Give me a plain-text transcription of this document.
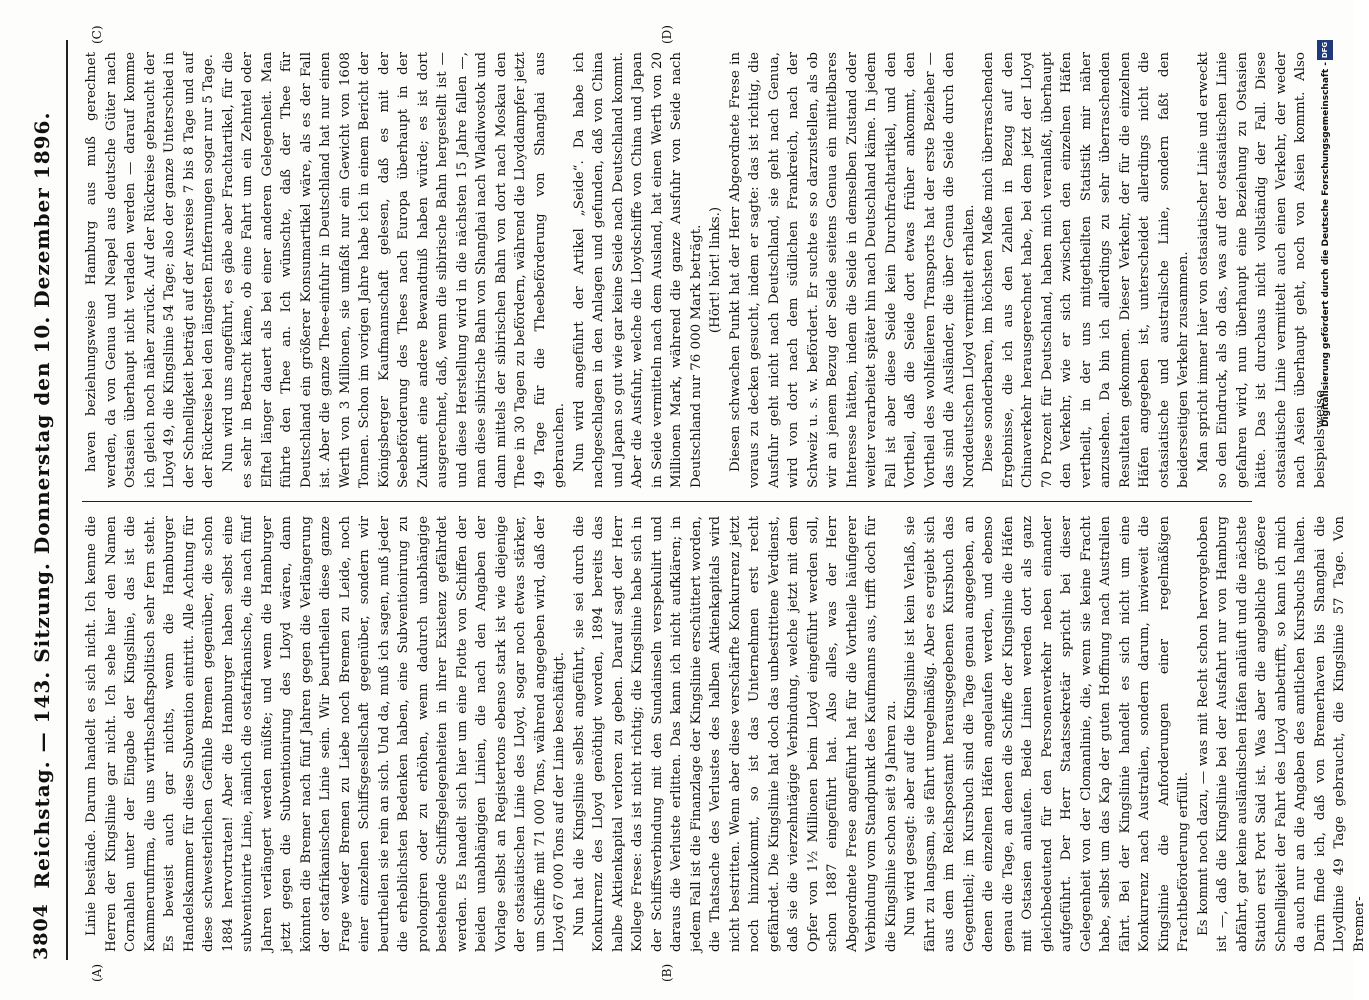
3804
Reichstag. — 143. Sitzung. Donnerstag den 10. Dezember 1896.
(A)	(B)
(C)	(D)

Linie bestände. Darum handelt es sich nicht. Ich kenne die Herren der Kingslinie gar nicht. Ich sehe hier den Namen Cornahlen unter der Eingabe der Kingslinie, das ist die Kammerunfirma, die uns wirthschaftspolitisch sehr fern steht. Es beweist auch gar nichts, wenn die Hamburger Handelskammer für diese Subvention eintritt. Alle Achtung für diese schwesterlichen Gefühle Bremen gegenüber, die schon 1884 hervortraten! Aber die Hamburger haben selbst eine subventionirte Linie, nämlich die ostafrikanische, die nach fünf Jahren verlängert werden müßte; und wenn die Hamburger jetzt gegen die Subventionirung des Lloyd wären, dann könnten die Bremer nach fünf Jahren gegen die Verlängerung der ostafrikanischen Linie sein. Wir beurtheilen diese ganze Frage weder Bremen zu Liebe noch Bremen zu Leide, noch einer einzelnen Schiffsgesellschaft gegenüber, sondern wir beurtheilen sie rein an sich. Und da, muß ich sagen, muß jeder die erheblichsten Bedenken haben, eine Subventionirung zu prolongiren oder zu erhöhen, wenn dadurch unabhängige bestehende Schiffsgelegenheiten in ihrer Existenz gefährdet werden. Es handelt sich hier um eine Flotte von Schiffen der beiden unabhängigen Linien, die nach den Angaben der Vorlage selbst an Registertons ebenso stark ist wie diejenige der ostasiatischen Linie des Lloyd, sogar noch etwas stärker, um Schiffe mit 71 000 Tons, während angegeben wird, daß der Lloyd 67 000 Tons auf der Linie beschäftigt. Nun hat die Kingslinie selbst angeführt, sie sei durch die Konkurrenz des Lloyd genöthigt worden, 1894 bereits das halbe Aktienkapital verloren zu geben. Darauf sagt der Herr Kollege Frese: das ist nicht richtig; die Kingslinie habe sich in der Schiffsverbindung mit den Sundainseln verspekulirt und daraus die Verluste erlitten. Das kann ich nicht aufklären; in jedem Fall ist die Finanzlage der Kingslinie erschüttert worden, die Thatsache des Verlustes des halben Aktienkapitals wird nicht bestritten. Wenn aber diese verschärfte Konkurrenz jetzt noch hinzukommt, so ist das Unternehmen erst recht gefährdet. Die Kingslinie hat doch das unbestrittene Verdienst, daß sie die vierzehntägige Verbindung, welche jetzt mit dem Opfer von 1½ Millionen beim Lloyd eingeführt werden soll, schon 1887 eingeführt hat. Also alles, was der Herr Abgeordnete Frese angeführt hat für die Vortheile häufigerer Verbindung vom Standpunkt des Kaufmanns aus, trifft doch für die Kingslinie schon seit 9 Jahren zu. Nun wird gesagt: aber auf die Kingslinie ist kein Verlaß, sie fährt zu langsam, sie fährt unregelmäßig. Aber es ergiebt sich aus dem im Reichspostamt herausgegebenen Kursbuch das Gegentheil; im Kursbuch sind die Tage genau angegeben, an denen die einzelnen Häfen angelaufen werden, und ebenso genau die Tage, an denen die Schiffe der Kingslinie die Häfen mit Ostasien anlaufen. Beide Linien werden dort als ganz gleichbedeutend für den Personenverkehr neben einander aufgeführt. Der Herr Staatssekretär spricht bei dieser Gelegenheit von der Clomanlinie, die, wenn sie keine Fracht habe, selbst um das Kap der guten Hoffnung nach Australien fährt. Bei der Kingslinie handelt es sich nicht um eine Konkurrenz nach Australien, sondern darum, inwieweit die Kingslinie die Anforderungen einer regelmäßigen Frachtbeförderung erfüllt. Es kommt noch dazu, — was mit Recht schon hervorgehoben ist —, daß die Kingslinie bei der Ausfahrt nur von Hamburg abfährt, gar keine ausländischen Häfen anläuft und die nächste Station erst Port Said ist. Was aber die angebliche größere Schnelligkeit der Fahrt des Lloyd anbetrifft, so kann ich mich da auch nur an die Angaben des amtlichen Kursbuchs halten. Darin finde ich, daß von Bremerhaven bis Shanghai die Lloydlinie 49 Tage gebraucht, die Kingslinie 57 Tage. Von Bremer-

haven beziehungsweise Hamburg aus muß gerechnet werden, da von Genua und Neapel aus deutsche Güter nach Ostasien überhaupt nicht verladen werden — darauf komme ich gleich noch näher zurück. Auf der Rückreise gebraucht der Lloyd 49, die Kingslinie 54 Tage; also der ganze Unterschied in der Schnelligkeit beträgt auf der Ausreise 7 bis 8 Tage und auf der Rückreise bei den längsten Entfernungen sogar nur 5 Tage. Nun wird uns angeführt, es gäbe aber Frachtartikel, für die es sehr in Betracht käme, ob eine Fahrt um ein Zehntel oder Elftel länger dauert als bei einer anderen Gelegenheit. Man führte den Thee an. Ich wünschte, daß der Thee für Deutschland ein größerer Konsumartikel wäre, als es der Fall ist. Aber die ganze Thee-einfuhr in Deutschland hat nur einen Werth von 3 Millionen, sie umfaßt nur ein Gewicht von 1608 Tonnen. Schon im vorigen Jahre habe ich in einem Bericht der Königsberger Kaufmannschaft gelesen, daß es mit der Seebeförderung des Thees nach Europa überhaupt in der Zukunft eine andere Bewandtniß haben würde; es ist dort ausgerechnet, daß, wenn die sibirische Bahn hergestellt ist — und diese Herstellung wird in die nächsten 15 Jahre fallen —, man diese sibirische Bahn von Shanghai nach Wladiwostok und dann mittels der sibirischen Bahn von dort nach Moskau den Thee in 30 Tagen zu befördern, während die Lloyddampfer jetzt 49 Tage für die Theebeförderung von Shanghai aus gebrauchen. Nun wird angeführt der Artikel „Seide“. Da habe ich nachgeschlagen in den Anlagen und gefunden, daß von China und Japan so gut wie gar keine Seide nach Deutschland kommt. Aber die Ausfuhr, welche die Lloydschiffe von China und Japan in Seide vermitteln nach dem Ausland, hat einen Werth von 20 Millionen Mark, während die ganze Ausfuhr von Seide nach Deutschland nur 76 000 Mark beträgt. (Hört! hört! links.) Diesen schwachen Punkt hat der Herr Abgeordnete Frese in voraus zu decken gesucht, indem er sagte: das ist richtig, die Ausfuhr geht nicht nach Deutschland, sie geht nach Genua, wird von dort nach dem südlichen Frankreich, nach der Schweiz u. s. w. befördert. Er suchte es so darzustellen, als ob wir an jenem Bezug der Seide seitens Genua ein mittelbares Interesse hätten, indem die Seide in demselben Zustand oder weiter verarbeitet später hin nach Deutschland käme. In jedem Fall ist aber diese Seide kein Durchfrachtartikel, und den Vortheil, daß die Seide dort etwas früher ankommt, den Vortheil des wohlfeileren Transports hat der erste Bezieher — das sind die Ausländer, die über Genua die Seide durch den Norddeutschen Lloyd vermittelt erhalten. Diese sonderbaren, im höchsten Maße mich überraschenden Ergebnisse, die ich aus den Zahlen in Bezug auf den Chinaverkehr herausgerechnet habe, bei dem jetzt der Lloyd 70 Prozent für Deutschland, haben mich veranlaßt, überhaupt den Verkehr, wie er sich zwischen den einzelnen Häfen vertheilt, in der uns mitgetheilten Statistik mir näher anzusehen. Da bin ich allerdings zu sehr überraschenden Resultaten gekommen. Dieser Verkehr, der für die einzelnen Häfen angegeben ist, unterscheidet allerdings nicht die ostasiatische und australische Linie, sondern faßt den beiderseitigen Verkehr zusammen. Man spricht immer hier von ostasiatischer Linie und erweckt so den Eindruck, als ob das, was auf der ostasiatischen Linie gefahren wird, nun überhaupt eine Beziehung zu Ostasien hätte. Das ist durchaus nicht vollständig der Fall. Diese ostasiatische Linie vermittelt auch einen Verkehr, der weder nach Asien überhaupt geht, noch von Asien kommt. Also beispielsweise

Digitalisierung gefördert durch die Deutsche Forschungsgemeinschaft -
DFG
